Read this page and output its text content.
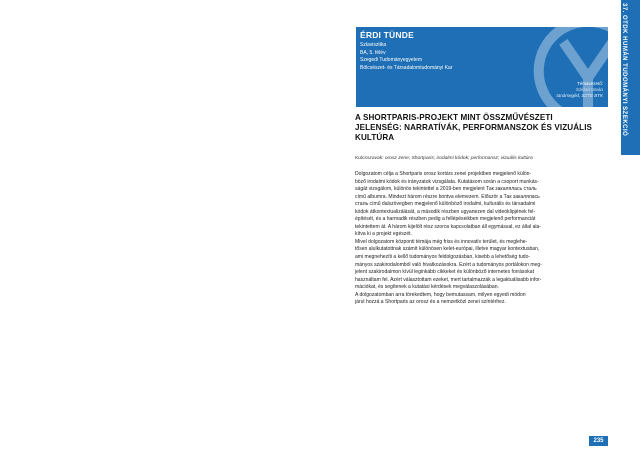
37. OTDK HUMÁN TUDOMÁNYI SZEKCIÓ
ÉRDI TÜNDE
Szlavisztika
BA, 5. félév
Szegedi Tudományegyetem
Bölcsészet- és Társadalomtudományi Kar
Témavezető:
Szilárd István
tanársegéd, SZTE BTK
A SHORTPARIS-PROJEKT MINT ÖSSZMŰVÉSZETI
JELENSÉG: NARRATÍVÁK, PERFORMANSZOK ÉS VIZUÁLIS
KULTÚRA
Kulcsszavak: orosz zene; Shortparis; irodalmi kódok; performansz; vizuális kultúra
Dolgozatom célja a Shortparis orosz kortárs zenei projektben megjelenő külön-
böző irodalmi kódok és irányzatok vizsgálata. Kutatásom során a csoport munkás-
ságát vizsgálom, különös tekintettel a 2019-ben megjelent Так закалялась сталь
című albumra. Mindezt három részre bontva elemezem. Először a Так закалялась
сталь című dalszövegben megjelenő különböző irodalmi, kulturális és társadalmi
kódok átkontextualizálását, a második részben ugyanezen dal videóklipjének fel-
építését, és a harmadik részben pedig a fellépéseikben megjelenő performanciát
tekintettem át. A három kijelölt rész szoros kapcsolatban áll egymással, ez által ala-
kítva ki a projekt egészét.
Mivel dolgozatom központi témája még friss és innovatív terület, és meglehe-
tősen alulkutatottnak számít különösen kelet-európai, illetve magyar kontextusban,
ami megnehezíti a kellő tudományos feldolgozásban, kisebb a lehetőség tudo-
mányos szakirodalomból való hivatkozásokra. Ezért a tudományos portálokon meg-
jelent szakirodalmon kívül leginkább cikkeket és különböző internetes forrásokat
használtam fel. Azért választottam ezeket, mert tartalmazzák a legaktuálisabb infor-
mációkat, és segítenek a kutatási kérdések megválaszolásában.
A dolgozatomban arra törekedtem, hogy bemutassam, milyen egyedi módon
járul hozzá a Shortparis az orosz és a nemzetközi zenei színtérhez.
235
